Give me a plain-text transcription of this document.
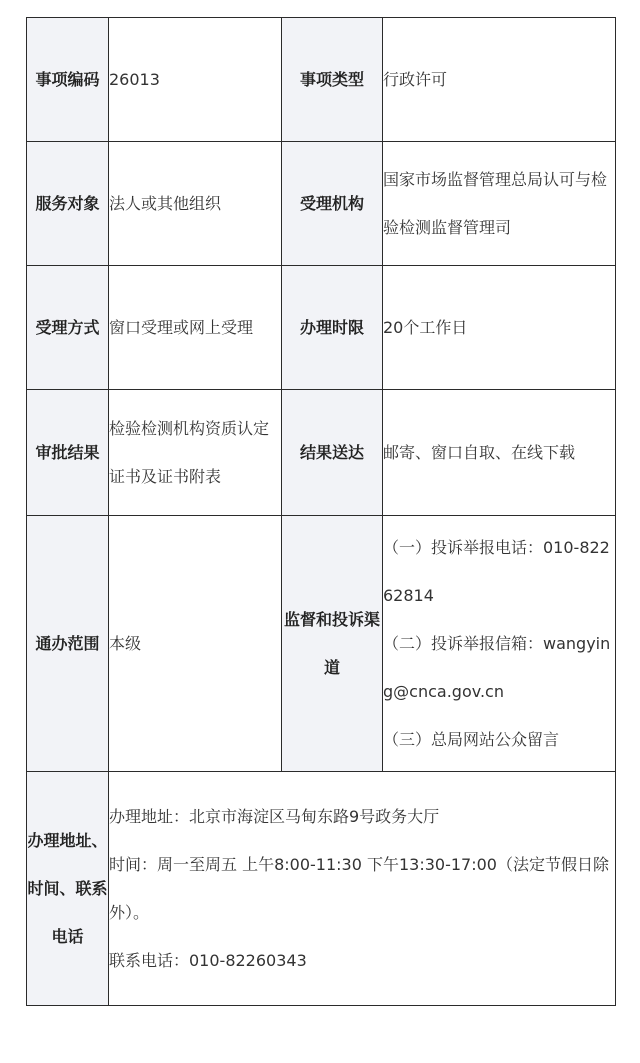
事项编码	26013	事项类型	行政许可
服务对象	法人或其他组织	受理机构	国家市场监督管理总局认可与检验检测监督管理司
受理方式	窗口受理或网上受理	办理时限	20个工作日
审批结果	检验检测机构资质认定证书及证书附表	结果送达	邮寄、窗口自取、在线下载
通办范围	本级	监督和投诉渠道	（一）投诉举报电话：010-82262814
（二）投诉举报信箱：wangying@cnca.gov.cn
（三）总局网站公众留言

办理地址、时间、联系电话	办理地址：北京市海淀区马甸东路9号政务大厅
时间：周一至周五 上午8:00-11:30 下午13:30-17:00（法定节假日除外）。
联系电话：010-82260343		
